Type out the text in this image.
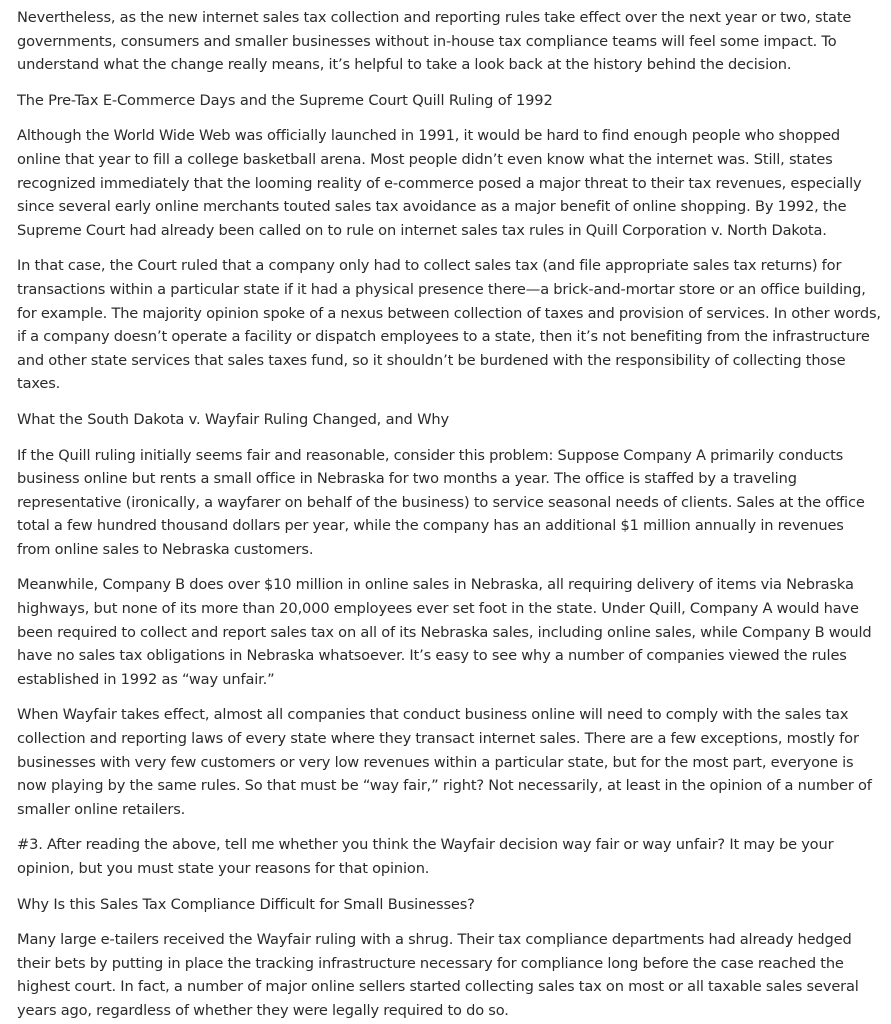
Nevertheless, as the new internet sales tax collection and reporting rules take effect over the next year or two, state governments, consumers and smaller businesses without in-house tax compliance teams will feel some impact. To understand what the change really means, it’s helpful to take a look back at the history behind the decision.

The Pre-Tax E-Commerce Days and the Supreme Court Quill Ruling of 1992

Although the World Wide Web was officially launched in 1991, it would be hard to find enough people who shopped online that year to fill a college basketball arena. Most people didn’t even know what the internet was. Still, states recognized immediately that the looming reality of e-commerce posed a major threat to their tax revenues, especially since several early online merchants touted sales tax avoidance as a major benefit of online shopping. By 1992, the Supreme Court had already been called on to rule on internet sales tax rules in Quill Corporation v. North Dakota.

In that case, the Court ruled that a company only had to collect sales tax (and file appropriate sales tax returns) for transactions within a particular state if it had a physical presence there—a brick-and-mortar store or an office building, for example. The majority opinion spoke of a nexus between collection of taxes and provision of services. In other words, if a company doesn’t operate a facility or dispatch employees to a state, then it’s not benefiting from the infrastructure and other state services that sales taxes fund, so it shouldn’t be burdened with the responsibility of collecting those taxes.

What the South Dakota v. Wayfair Ruling Changed, and Why

If the Quill ruling initially seems fair and reasonable, consider this problem: Suppose Company A primarily conducts business online but rents a small office in Nebraska for two months a year. The office is staffed by a traveling representative (ironically, a wayfarer on behalf of the business) to service seasonal needs of clients. Sales at the office total a few hundred thousand dollars per year, while the company has an additional $1 million annually in revenues from online sales to Nebraska customers.

Meanwhile, Company B does over $10 million in online sales in Nebraska, all requiring delivery of items via Nebraska highways, but none of its more than 20,000 employees ever set foot in the state. Under Quill, Company A would have been required to collect and report sales tax on all of its Nebraska sales, including online sales, while Company B would have no sales tax obligations in Nebraska whatsoever. It’s easy to see why a number of companies viewed the rules established in 1992 as “way unfair.”

When Wayfair takes effect, almost all companies that conduct business online will need to comply with the sales tax collection and reporting laws of every state where they transact internet sales. There are a few exceptions, mostly for businesses with very few customers or very low revenues within a particular state, but for the most part, everyone is now playing by the same rules. So that must be “way fair,” right? Not necessarily, at least in the opinion of a number of smaller online retailers.

#3. After reading the above, tell me whether you think the Wayfair decision way fair or way unfair? It may be your opinion, but you must state your reasons for that opinion.

Why Is this Sales Tax Compliance Difficult for Small Businesses?

Many large e-tailers received the Wayfair ruling with a shrug. Their tax compliance departments had already hedged their bets by putting in place the tracking infrastructure necessary for compliance long before the case reached the highest court. In fact, a number of major online sellers started collecting sales tax on most or all taxable sales several years ago, regardless of whether they were legally required to do so.
